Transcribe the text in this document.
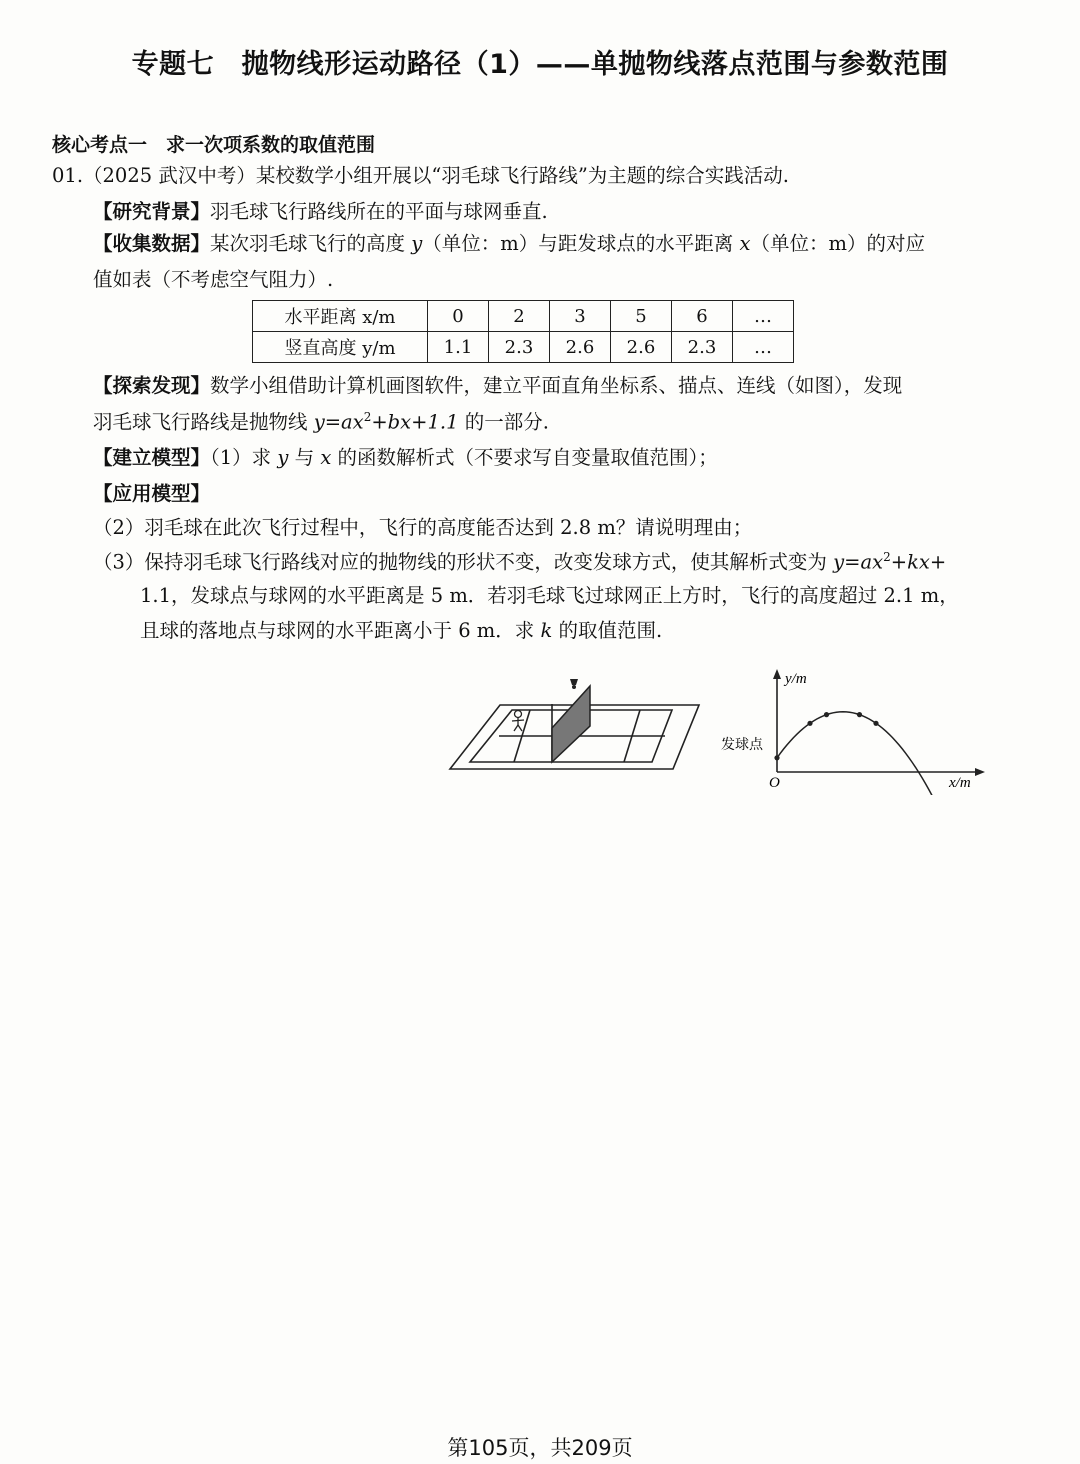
专题七　抛物线形运动路径（1）——单抛物线落点范围与参数范围
核心考点一　求一次项系数的取值范围
01.（2025 武汉中考）某校数学小组开展以“羽毛球飞行路线”为主题的综合实践活动.
【研究背景】羽毛球飞行路线所在的平面与球网垂直.
【收集数据】某次羽毛球飞行的高度 y（单位：m）与距发球点的水平距离 x（单位：m）的对应
值如表（不考虑空气阻力）.
水平距离 x/m	0	2	3	5	6	…
竖直高度 y/m	1.1	2.3	2.6	2.6	2.3	…
【探索发现】数学小组借助计算机画图软件，建立平面直角坐标系、描点、连线（如图），发现
羽毛球飞行路线是抛物线 $y=ax^2+bx+1.1$ 的一部分.
【建立模型】（1）求 y 与 x 的函数解析式（不要求写自变量取值范围）；
【应用模型】
（2）羽毛球在此次飞行过程中，飞行的高度能否达到 2.8 m？请说明理由；
（3）保持羽毛球飞行路线对应的抛物线的形状不变，改变发球方式，使其解析式变为 $y=ax^2+kx+$
1.1，发球点与球网的水平距离是 5 m．若羽毛球飞过球网正上方时，飞行的高度超过 2.1 m，
且球的落地点与球网的水平距离小于 6 m．求 k 的取值范围.
y/m
x/m
O
发球点
第105页，共209页
